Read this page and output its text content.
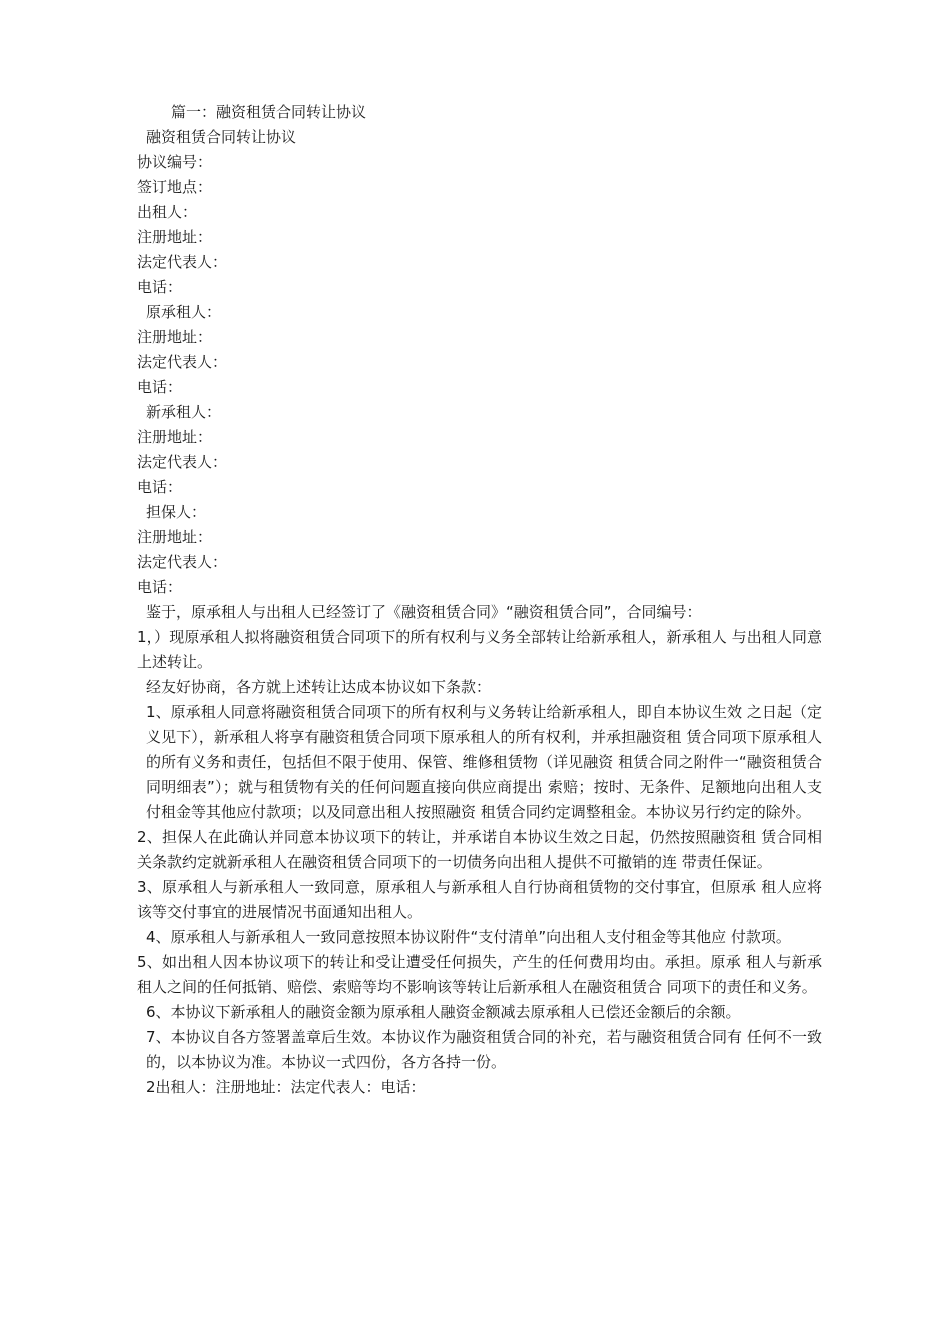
篇一：融资租赁合同转让协议

融资租赁合同转让协议

协议编号：

签订地点：

出租人：

注册地址：

法定代表人：

电话：

原承租人：

注册地址：

法定代表人：

电话：

新承租人：

注册地址：

法定代表人：

电话：

担保人：

注册地址：

法定代表人：

电话：

鉴于，原承租人与出租人已经签订了《融资租赁合同》“融资租赁合同”，合同编号：

1，）现原承租人拟将融资租赁合同项下的所有权利与义务全部转让给新承租人，新承租人 与出租人同意上述转让。

经友好协商，各方就上述转让达成本协议如下条款：

1、原承租人同意将融资租赁合同项下的所有权利与义务转让给新承租人，即自本协议生效 之日起（定义见下），新承租人将享有融资租赁合同项下原承租人的所有权利，并承担融资租 赁合同项下原承租人的所有义务和责任，包括但不限于使用、保管、维修租赁物（详见融资 租赁合同之附件一“融资租赁合同明细表”）；就与租赁物有关的任何问题直接向供应商提出 索赔；按时、无条件、足额地向出租人支付租金等其他应付款项；以及同意出租人按照融资 租赁合同约定调整租金。本协议另行约定的除外。

2、担保人在此确认并同意本协议项下的转让，并承诺自本协议生效之日起，仍然按照融资租 赁合同相关条款约定就新承租人在融资租赁合同项下的一切债务向出租人提供不可撤销的连 带责任保证。

3、原承租人与新承租人一致同意，原承租人与新承租人自行协商租赁物的交付事宜，但原承 租人应将该等交付事宜的进展情况书面通知出租人。

4、原承租人与新承租人一致同意按照本协议附件“支付清单”向出租人支付租金等其他应 付款项。

5、如出租人因本协议项下的转让和受让遭受任何损失，产生的任何费用均由。承担。原承 租人与新承租人之间的任何抵销、赔偿、索赔等均不影响该等转让后新承租人在融资租赁合 同项下的责任和义务。

6、本协议下新承租人的融资金额为原承租人融资金额减去原承租人已偿还金额后的余额。

7、本协议自各方签署盖章后生效。本协议作为融资租赁合同的补充，若与融资租赁合同有 任何不一致的，以本协议为准。本协议一式四份，各方各持一份。

2出租人：注册地址：法定代表人：电话：
